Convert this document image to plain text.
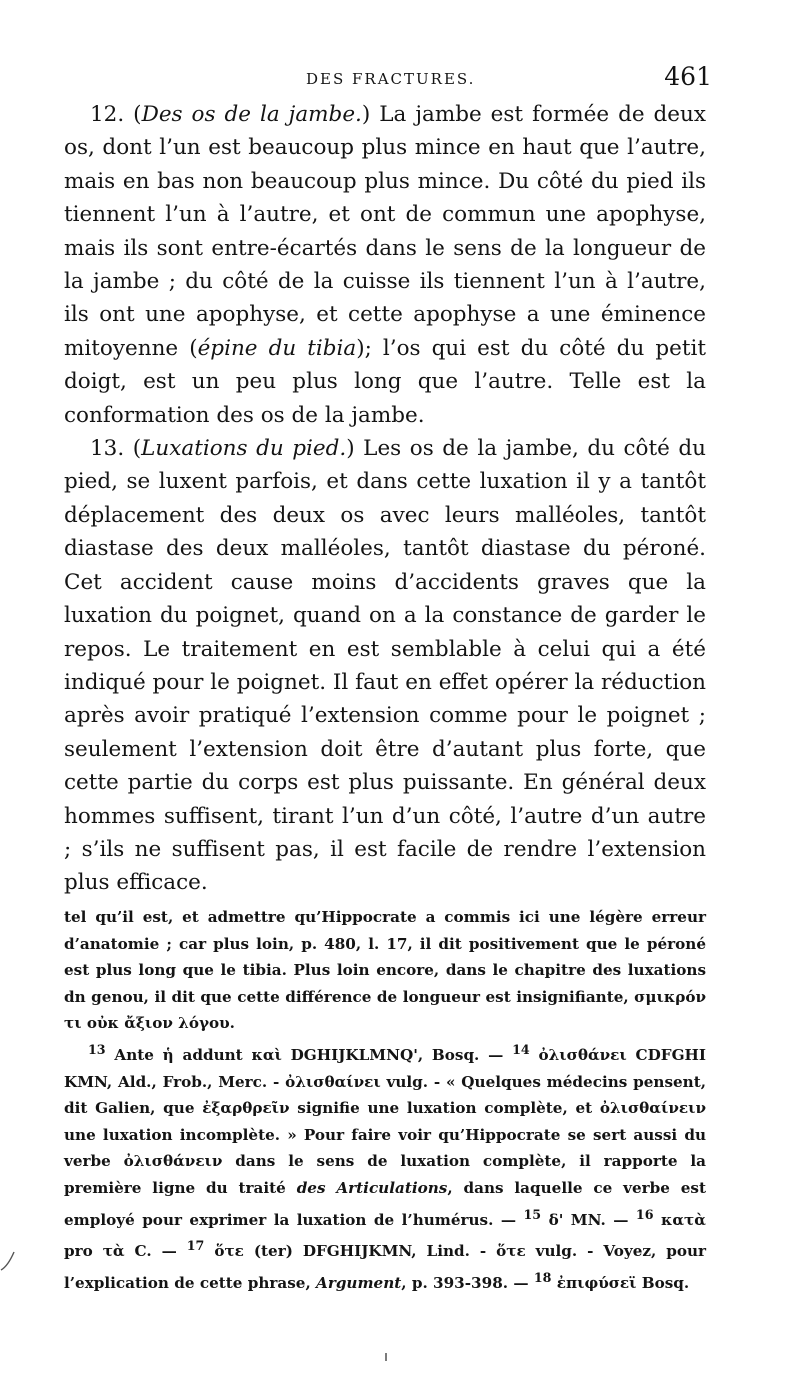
DES FRACTURES.	461

12. (Des os de la jambe.) La jambe est formée de deux os, dont l’un est beaucoup plus mince en haut que l’autre, mais en bas non beaucoup plus mince. Du côté du pied ils tiennent l’un à l’autre, et ont de commun une apophyse, mais ils sont entre-écartés dans le sens de la longueur de la jambe ; du côté de la cuisse ils tiennent l’un à l’autre, ils ont une apophyse, et cette apophyse a une éminence mitoyenne (épine du tibia); l’os qui est du côté du petit doigt, est un peu plus long que l’autre. Telle est la conformation des os de la jambe.

13. (Luxations du pied.) Les os de la jambe, du côté du pied, se luxent parfois, et dans cette luxation il y a tantôt déplacement des deux os avec leurs malléoles, tantôt diastase des deux malléoles, tantôt diastase du péroné. Cet accident cause moins d’accidents graves que la luxation du poignet, quand on a la constance de garder le repos. Le traitement en est semblable à celui qui a été indiqué pour le poignet. Il faut en effet opérer la réduction après avoir pratiqué l’extension comme pour le poignet ; seulement l’extension doit être d’autant plus forte, que cette partie du corps est plus puissante. En général deux hommes suffisent, tirant l’un d’un côté, l’autre d’un autre ; s’ils ne suffisent pas, il est facile de rendre l’extension plus efficace.

tel qu’il est, et admettre qu’Hippocrate a commis ici une légère erreur d’anatomie ; car plus loin, p. 480, l. 17, il dit positivement que le péroné est plus long que le tibia. Plus loin encore, dans le chapitre des luxations dn genou, il dit que cette différence de longueur est insignifiante, σμικρόν τι οὐκ ἄξιον λόγου.

$^{13}$ Ante ἡ addunt καὶ DGHIJKLMNQ', Bosq. — $^{14}$ ὀλισθάνει CDFGHI KMN, Ald., Frob., Merc. - ὀλισθαίνει vulg. - « Quelques médecins pensent, dit Galien, que ἐξαρθρεῖν signifie une luxation complète, et ὀλισθαίνειν une luxation incomplète. » Pour faire voir qu’Hippocrate se sert aussi du verbe ὀλισθάνειν dans le sens de luxation complète, il rapporte la première ligne du traité des Articulations, dans laquelle ce verbe est employé pour exprimer la luxation de l’humérus. — $^{15}$ δ' MN. — $^{16}$ κατὰ pro τὰ C. — $^{17}$ ὅτε (ter) DFGHIJKMN, Lind. - ὅτε vulg. - Voyez, pour l’explication de cette phrase, Argument, p. 393-398. — $^{18}$ ἐπιφύσεϊ Bosq.
